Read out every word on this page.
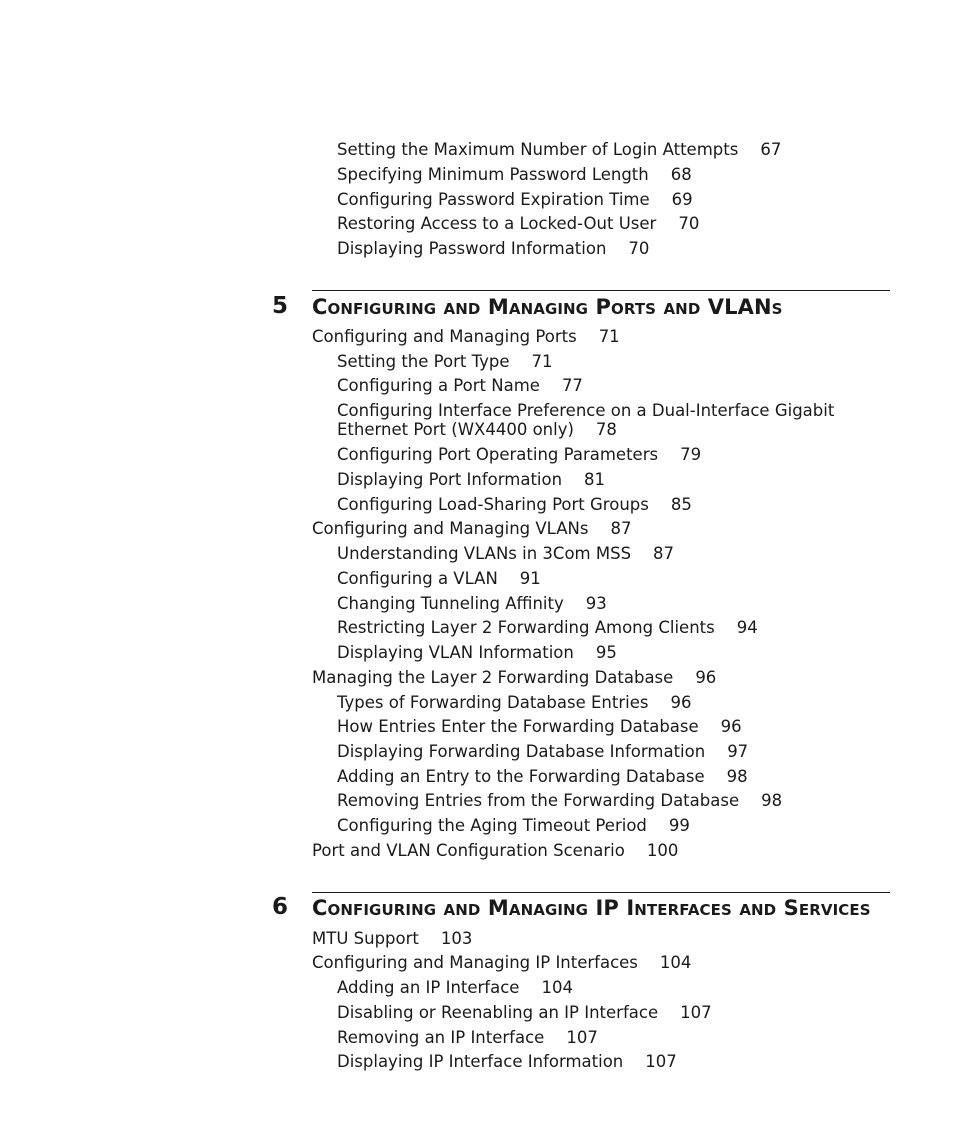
Setting the Maximum Number of Login Attempts 67
Specifying Minimum Password Length 68
Configuring Password Expiration Time 69
Restoring Access to a Locked-Out User 70
Displaying Password Information 70
5 Configuring and Managing Ports and VLANs
Configuring and Managing Ports 71
Setting the Port Type 71
Configuring a Port Name 77
Configuring Interface Preference on a Dual-Interface Gigabit Ethernet Port (WX4400 only) 78
Configuring Port Operating Parameters 79
Displaying Port Information 81
Configuring Load-Sharing Port Groups 85
Configuring and Managing VLANs 87
Understanding VLANs in 3Com MSS 87
Configuring a VLAN 91
Changing Tunneling Affinity 93
Restricting Layer 2 Forwarding Among Clients 94
Displaying VLAN Information 95
Managing the Layer 2 Forwarding Database 96
Types of Forwarding Database Entries 96
How Entries Enter the Forwarding Database 96
Displaying Forwarding Database Information 97
Adding an Entry to the Forwarding Database 98
Removing Entries from the Forwarding Database 98
Configuring the Aging Timeout Period 99
Port and VLAN Configuration Scenario 100
6 Configuring and Managing IP Interfaces and Services
MTU Support 103
Configuring and Managing IP Interfaces 104
Adding an IP Interface 104
Disabling or Reenabling an IP Interface 107
Removing an IP Interface 107
Displaying IP Interface Information 107
